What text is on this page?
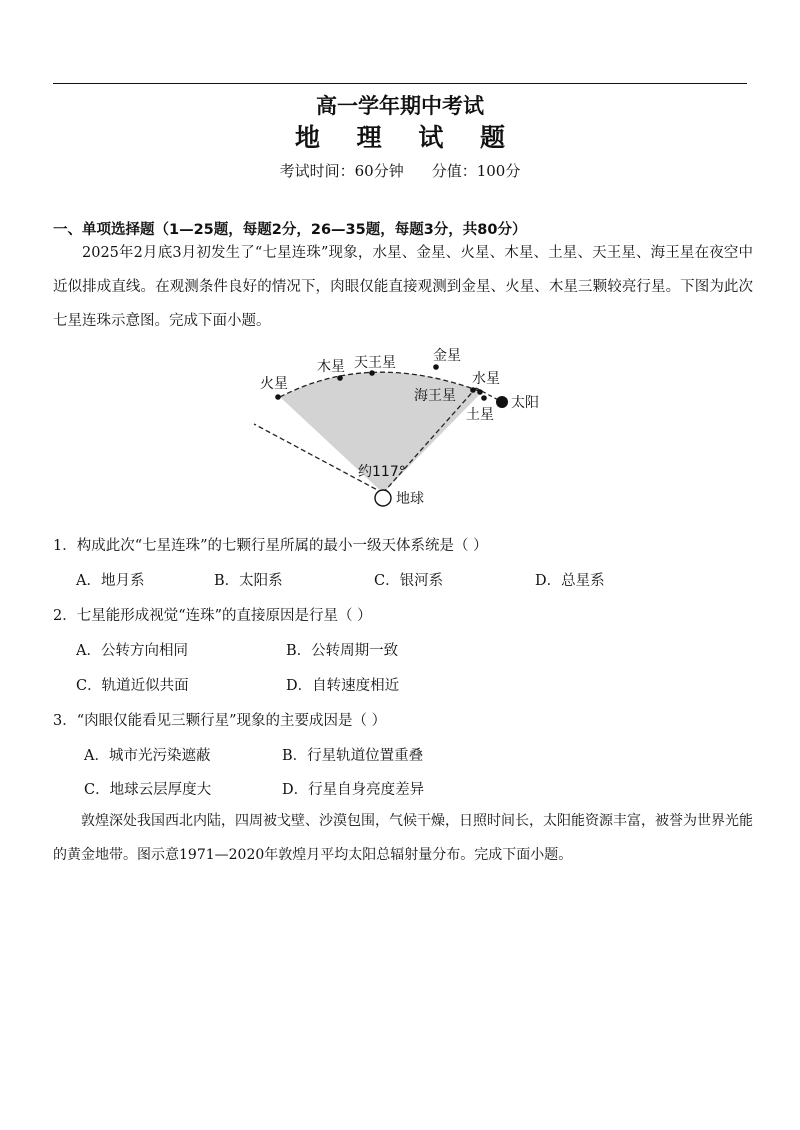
高一学年期中考试
地 理 试 题
考试时间：60分钟 分值：100分
一、单项选择题（1—25题，每题2分，26—35题，每题3分，共80分）
2025年2月底3月初发生了“七星连珠”现象，水星、金星、火星、木星、土星、天王星、海王星在夜空中近似排成直线。在观测条件良好的情况下，肉眼仅能直接观测到金星、火星、木星三颗较亮行星。下图为此次七星连珠示意图。完成下面小题。
火星
木星 天王星	金星
水星
海王星	太阳
土星
约117°
地球
1．构成此次“七星连珠”的七颗行星所属的最小一级天体系统是（ ）
A．地月系	B．太阳系	C．银河系	D．总星系
2．七星能形成视觉“连珠”的直接原因是行星（ ）
A．公转方向相同	B．公转周期一致
C．轨道近似共面	D．自转速度相近
3．“肉眼仅能看见三颗行星”现象的主要成因是（ ）
A．城市光污染遮蔽	B．行星轨道位置重叠
C．地球云层厚度大	D．行星自身亮度差异
敦煌深处我国西北内陆，四周被戈壁、沙漠包围，气候干燥，日照时间长，太阳能资源丰富，被誉为世界光能的黄金地带。图示意1971—2020年敦煌月平均太阳总辐射量分布。完成下面小题。
